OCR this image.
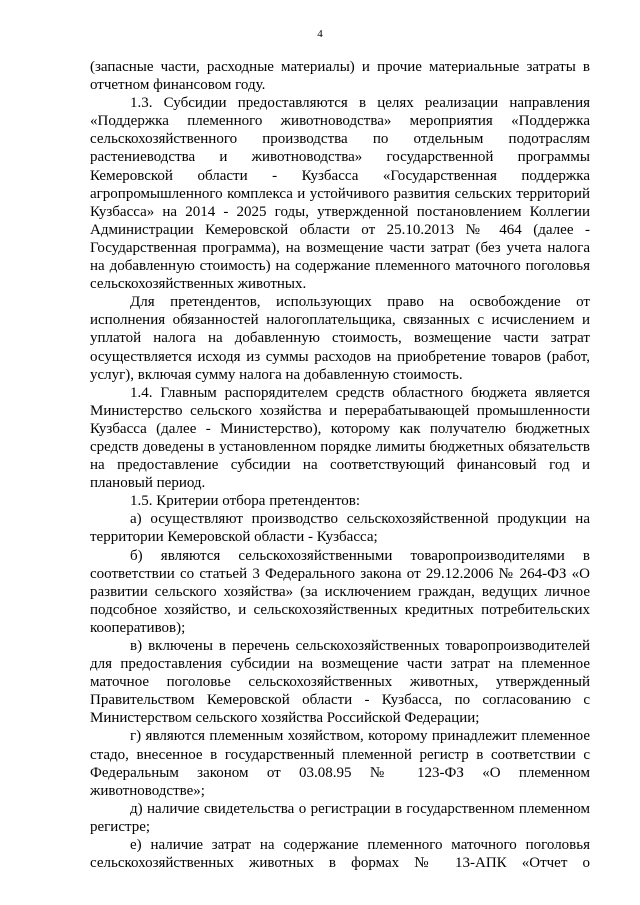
4
(запасные части, расходные материалы) и прочие материальные затраты в
отчетном финансовом году.
1.3. Субсидии предоставляются в целях реализации направления
«Поддержка племенного животноводства» мероприятия «Поддержка
сельскохозяйственного производства по отдельным подотраслям
растениеводства и животноводства» государственной программы
Кемеровской области - Кузбасса «Государственная поддержка
агропромышленного комплекса и устойчивого развития сельских территорий
Кузбасса» на 2014 - 2025 годы, утвержденной постановлением Коллегии
Администрации Кемеровской области от 25.10.2013 № 464 (далее -
Государственная программа), на возмещение части затрат (без учета налога
на добавленную стоимость) на содержание племенного маточного поголовья
сельскохозяйственных животных.
Для претендентов, использующих право на освобождение от
исполнения обязанностей налогоплательщика, связанных с исчислением и
уплатой налога на добавленную стоимость, возмещение части затрат
осуществляется исходя из суммы расходов на приобретение товаров (работ,
услуг), включая сумму налога на добавленную стоимость.
1.4. Главным распорядителем средств областного бюджета является
Министерство сельского хозяйства и перерабатывающей промышленности
Кузбасса (далее - Министерство), которому как получателю бюджетных
средств доведены в установленном порядке лимиты бюджетных обязательств
на предоставление субсидии на соответствующий финансовый год и
плановый период.
1.5. Критерии отбора претендентов:
а) осуществляют производство сельскохозяйственной продукции на
территории Кемеровской области - Кузбасса;
б) являются сельскохозяйственными товаропроизводителями в
соответствии со статьей 3 Федерального закона от 29.12.2006 № 264-ФЗ «О
развитии сельского хозяйства» (за исключением граждан, ведущих личное
подсобное хозяйство, и сельскохозяйственных кредитных потребительских
кооперативов);
в) включены в перечень сельскохозяйственных товаропроизводителей
для предоставления субсидии на возмещение части затрат на племенное
маточное поголовье сельскохозяйственных животных, утвержденный
Правительством Кемеровской области - Кузбасса, по согласованию с
Министерством сельского хозяйства Российской Федерации;
г) являются племенным хозяйством, которому принадлежит племенное
стадо, внесенное в государственный племенной регистр в соответствии с
Федеральным законом от 03.08.95 № 123-ФЗ «О племенном
животноводстве»;
д) наличие свидетельства о регистрации в государственном племенном
регистре;
е) наличие затрат на содержание племенного маточного поголовья
сельскохозяйственных животных в формах № 13-АПК «Отчет о
